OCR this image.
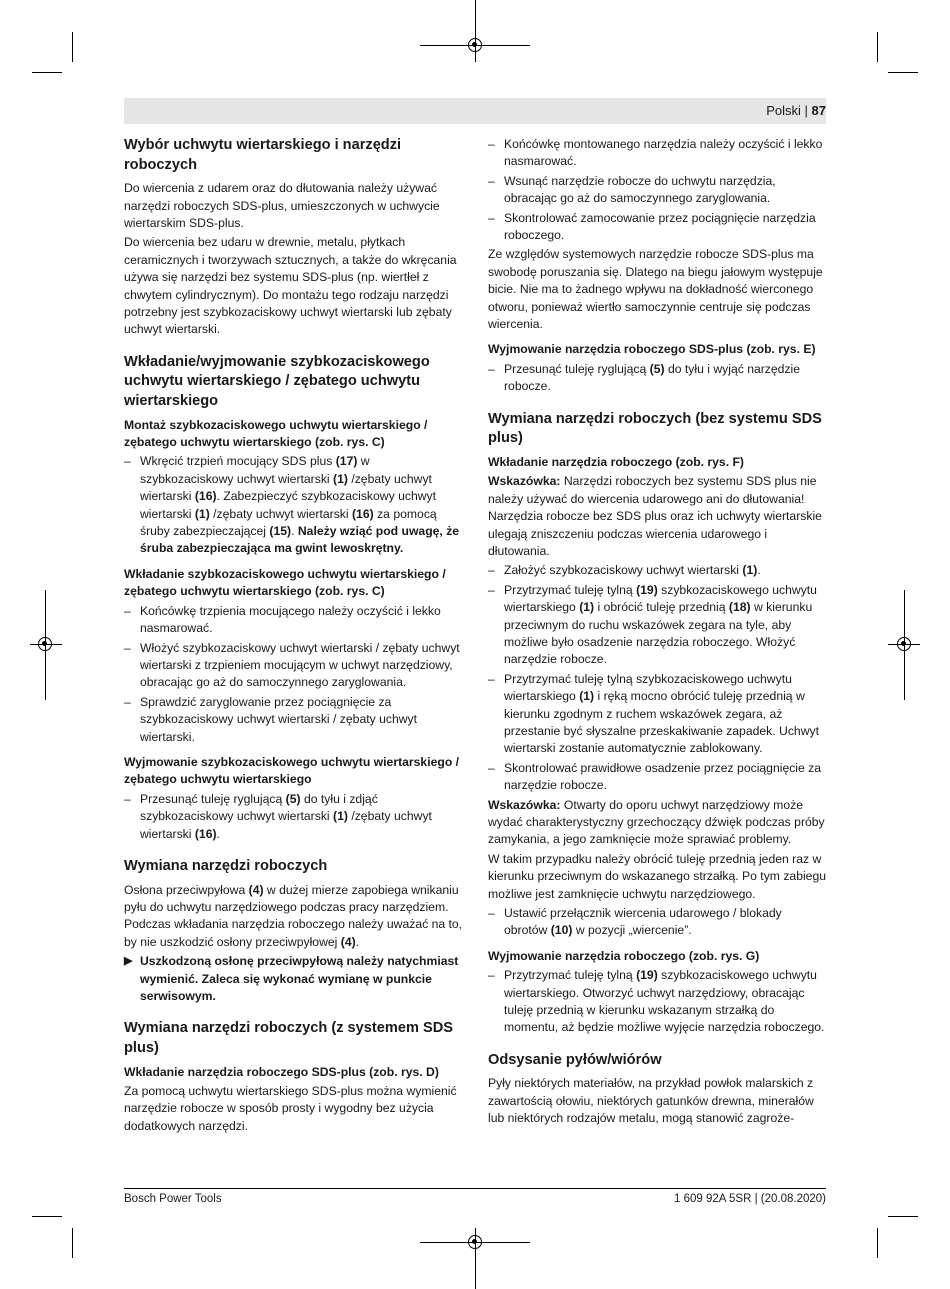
Polski | 87
Wybór uchwytu wiertarskiego i narzędzi roboczych

Do wiercenia z udarem oraz do dłutowania należy używać narzędzi roboczych SDS-plus, umieszczonych w uchwycie wiertarskim SDS-plus.

Do wiercenia bez udaru w drewnie, metalu, płytkach ceramicznych i tworzywach sztucznych, a także do wkręcania używa się narzędzi bez systemu SDS-plus (np. wiertłeł z chwytem cylindrycznym). Do montażu tego rodzaju narzędzi potrzebny jest szybkozaciskowy uchwyt wiertarski lub zębaty uchwyt wiertarski.

Wkładanie/wyjmowanie szybkozaciskowego uchwytu wiertarskiego / zębatego uchwytu wiertarskiego
Montaż szybkozaciskowego uchwytu wiertarskiego / zębatego uchwytu wiertarskiego (zob. rys. C)
– Wkręcić trzpień mocujący SDS plus (17) w szybkozaciskowy uchwyt wiertarski (1) /zębaty uchwyt wiertarski (16). Zabezpieczyć szybkozaciskowy uchwyt wiertarski (1) /zębaty uchwyt wiertarski (16) za pomocą śruby zabezpieczającej (15). Należy wziąć pod uwagę, że śruba zabezpieczająca ma gwint lewoskrętny.
Wkładanie szybkozaciskowego uchwytu wiertarskiego / zębatego uchwytu wiertarskiego (zob. rys. C)
– Końcówkę trzpienia mocującego należy oczyścić i lekko nasmarować.
– Włożyć szybkozaciskowy uchwyt wiertarski / zębaty uchwyt wiertarski z trzpieniem mocującym w uchwyt narzędziowy, obracając go aż do samoczynnego zaryglowania.
– Sprawdzić zaryglowanie przez pociągnięcie za szybkozaciskowy uchwyt wiertarski / zębaty uchwyt wiertarski.
Wyjmowanie szybkozaciskowego uchwytu wiertarskiego / zębatego uchwytu wiertarskiego
– Przesunąć tuleję ryglującą (5) do tyłu i zdjąć szybkozaciskowy uchwyt wiertarski (1) /zębaty uchwyt wiertarski (16).
Wymiana narzędzi roboczych

Osłona przeciwpyłowa (4) w dużej mierze zapobiega wnikaniu pyłu do uchwytu narzędziowego podczas pracy narzędziem. Podczas wkładania narzędzia roboczego należy uważać na to, by nie uszkodzić osłony przeciwpyłowej (4).

▶ Uszkodzoną osłonę przeciwpyłową należy natychmiast wymienić. Zaleca się wykonać wymianę w punkcie serwisowym.
Wymiana narzędzi roboczych (z systemem SDS plus)
Wkładanie narzędzia roboczego SDS-plus (zob. rys. D)

Za pomocą uchwytu wiertarskiego SDS-plus można wymienić narzędzie robocze w sposób prosty i wygodny bez użycia dodatkowych narzędzi.

– Końcówkę montowanego narzędzia należy oczyścić i lekko nasmarować.
– Wsunąć narzędzie robocze do uchwytu narzędzia, obracając go aż do samoczynnego zaryglowania.
– Skontrolować zamocowanie przez pociągnięcie narzędzia roboczego.

Ze względów systemowych narzędzie robocze SDS-plus ma swobodę poruszania się. Dlatego na biegu jałowym występuje bicie. Nie ma to żadnego wpływu na dokładność wierconego otworu, ponieważ wiertło samoczynnie centruje się podczas wiercenia.

Wyjmowanie narzędzia roboczego SDS-plus (zob. rys. E)
– Przesunąć tuleję ryglującą (5) do tyłu i wyjąć narzędzie robocze.
Wymiana narzędzi roboczych (bez systemu SDS plus)
Wkładanie narzędzia roboczego (zob. rys. F)

Wskazówka: Narzędzi roboczych bez systemu SDS plus nie należy używać do wiercenia udarowego ani do dłutowania! Narzędzia robocze bez SDS plus oraz ich uchwyty wiertarskie ulegają zniszczeniu podczas wiercenia udarowego i dłutowania.

– Założyć szybkozaciskowy uchwyt wiertarski (1).
– Przytrzymać tuleję tylną (19) szybkozaciskowego uchwytu wiertarskiego (1) i obrócić tuleję przednią (18) w kierunku przeciwnym do ruchu wskazówek zegara na tyle, aby możliwe było osadzenie narzędzia roboczego. Włożyć narzędzie robocze.
– Przytrzymać tuleję tylną szybkozaciskowego uchwytu wiertarskiego (1) i ręką mocno obrócić tuleję przednią w kierunku zgodnym z ruchem wskazówek zegara, aż przestanie być słyszalne przeskakiwanie zapadek. Uchwyt wiertarski zostanie automatycznie zablokowany.
– Skontrolować prawidłowe osadzenie przez pociągnięcie za narzędzie robocze.

Wskazówka: Otwarty do oporu uchwyt narzędziowy może wydać charakterystyczny grzechoczący dźwięk podczas próby zamykania, a jego zamknięcie może sprawiać problemy.

W takim przypadku należy obrócić tuleję przednią jeden raz w kierunku przeciwnym do wskazanego strzałką. Po tym zabiegu możliwe jest zamknięcie uchwytu narzędziowego.

– Ustawić przełącznik wiercenia udarowego / blokady obrotów (10) w pozycji „wiercenie”.
Wyjmowanie narzędzia roboczego (zob. rys. G)
– Przytrzymać tuleję tylną (19) szybkozaciskowego uchwytu wiertarskiego. Otworzyć uchwyt narzędziowy, obracając tuleję przednią w kierunku wskazanym strzałką do momentu, aż będzie możliwe wyjęcie narzędzia roboczego.
Odsysanie pyłów/wiórów

Pyły niektórych materiałów, na przykład powłok malarskich z zawartością ołowiu, niektórych gatunków drewna, minerałów lub niektórych rodzajów metalu, mogą stanowić zagroże-

Bosch Power Tools	1 609 92A 5SR | (20.08.2020)
